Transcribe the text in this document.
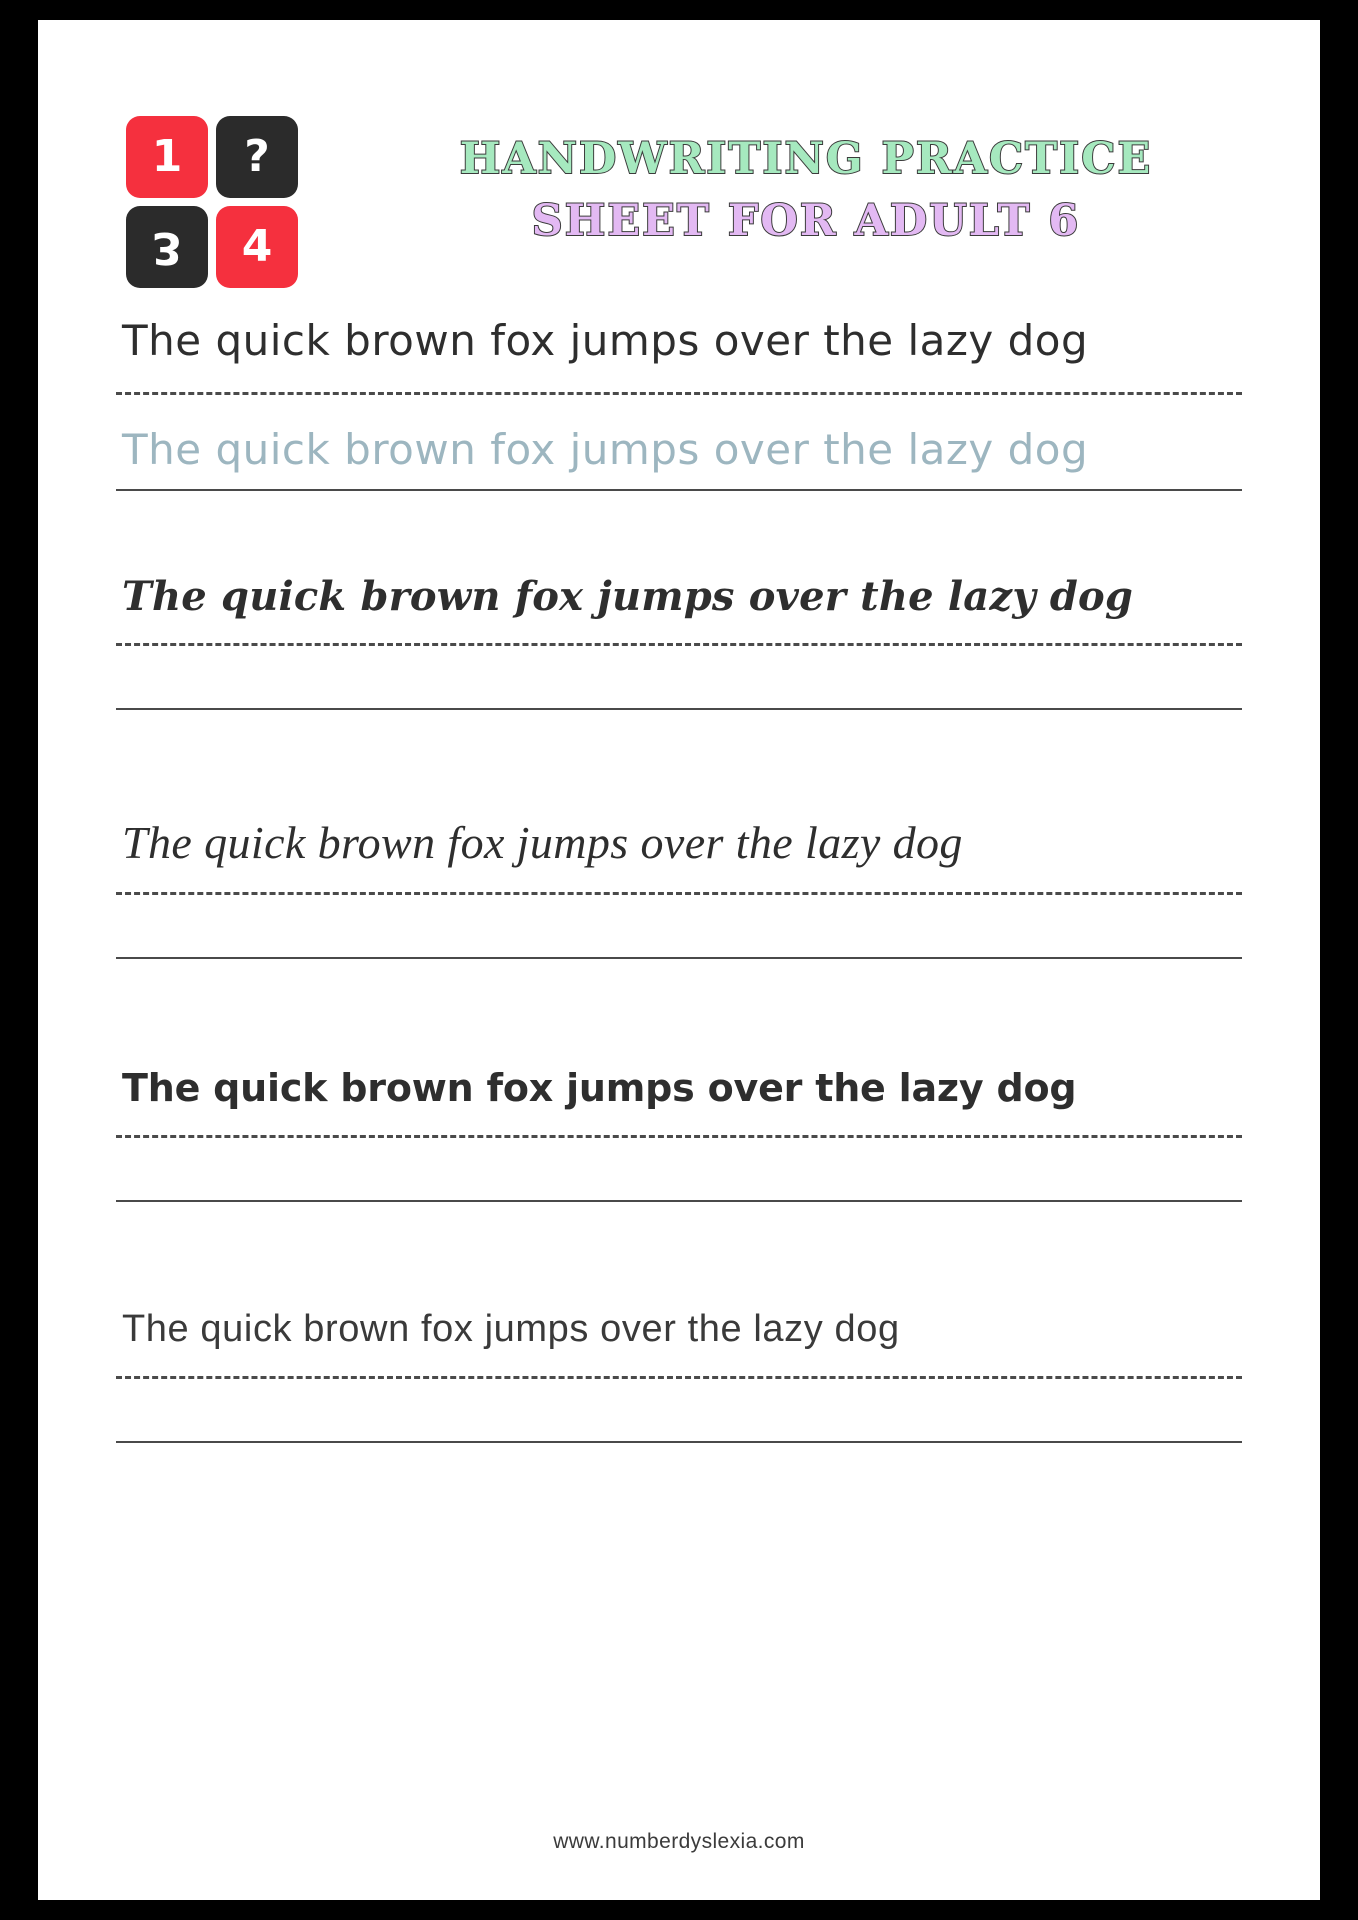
1 ?
3 4
HANDWRITING PRACTICE
SHEET FOR ADULT 6
The quick brown fox jumps over the lazy dog
The quick brown fox jumps over the lazy dog
The quick brown fox jumps over the lazy dog
The quick brown fox jumps over the lazy dog
The quick brown fox jumps over the lazy dog
The quick brown fox jumps over the lazy dog
www.numberdyslexia.com
